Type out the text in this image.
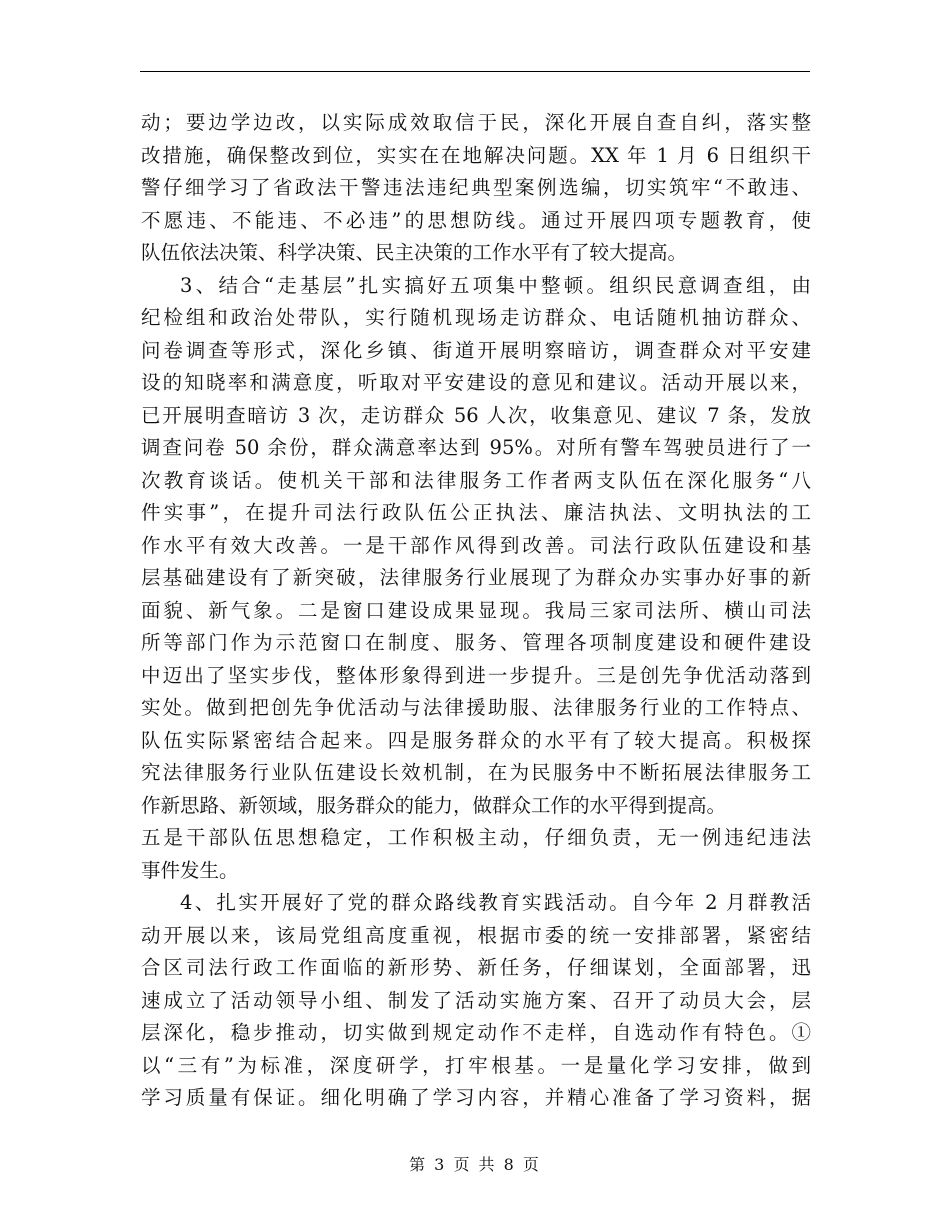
动；要边学边改，以实际成效取信于民，深化开展自查自纠，落实整
改措施，确保整改到位，实实在在地解决问题。XX 年 1 月 6 日组织干
警仔细学习了省政法干警违法违纪典型案例选编，切实筑牢“不敢违、
不愿违、不能违、不必违”的思想防线。通过开展四项专题教育，使
队伍依法决策、科学决策、民主决策的工作水平有了较大提高。
3、结合“走基层”扎实搞好五项集中整顿。组织民意调查组，由
纪检组和政治处带队，实行随机现场走访群众、电话随机抽访群众、
问卷调查等形式，深化乡镇、街道开展明察暗访，调查群众对平安建
设的知晓率和满意度，听取对平安建设的意见和建议。活动开展以来，
已开展明查暗访 3 次，走访群众 56 人次，收集意见、建议 7 条，发放
调查问卷 50 余份，群众满意率达到 95%。对所有警车驾驶员进行了一
次教育谈话。使机关干部和法律服务工作者两支队伍在深化服务“八
件实事”，在提升司法行政队伍公正执法、廉洁执法、文明执法的工
作水平有效大改善。一是干部作风得到改善。司法行政队伍建设和基
层基础建设有了新突破，法律服务行业展现了为群众办实事办好事的新
面貌、新气象。二是窗口建设成果显现。我局三家司法所、横山司法
所等部门作为示范窗口在制度、服务、管理各项制度建设和硬件建设
中迈出了坚实步伐，整体形象得到进一步提升。三是创先争优活动落到
实处。做到把创先争优活动与法律援助服、法律服务行业的工作特点、
队伍实际紧密结合起来。四是服务群众的水平有了较大提高。积极探
究法律服务行业队伍建设长效机制，在为民服务中不断拓展法律服务工
作新思路、新领域，服务群众的能力，做群众工作的水平得到提高。
五是干部队伍思想稳定，工作积极主动，仔细负责，无一例违纪违法
事件发生。
4、扎实开展好了党的群众路线教育实践活动。自今年 2 月群教活
动开展以来，该局党组高度重视，根据市委的统一安排部署，紧密结
合区司法行政工作面临的新形势、新任务，仔细谋划，全面部署，迅
速成立了活动领导小组、制发了活动实施方案、召开了动员大会，层
层深化，稳步推动，切实做到规定动作不走样，自选动作有特色。①
以“三有”为标准，深度研学，打牢根基。一是量化学习安排，做到
学习质量有保证。细化明确了学习内容，并精心准备了学习资料，据
第 3 页 共 8 页
